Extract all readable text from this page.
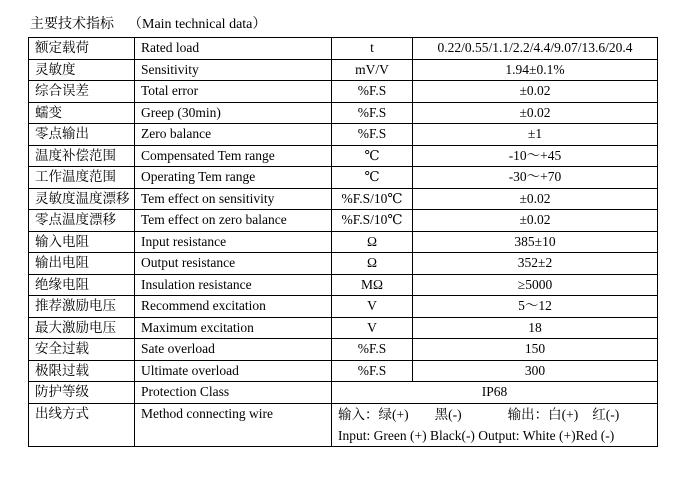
主要技术指标 （Main technical data）
额定载荷	Rated load	t	0.22/0.55/1.1/2.2/4.4/9.07/13.6/20.4
灵敏度	Sensitivity	mV/V	1.94±0.1%
综合误差	Total error	%F.S	±0.02
蠕变	Greep (30min)	%F.S	±0.02
零点输出	Zero balance	%F.S	±1
温度补偿范围	Compensated Tem range	℃	-10～+45
工作温度范围	Operating Tem range	℃	-30～+70
灵敏度温度漂移	Tem effect on sensitivity	%F.S/10℃	±0.02
零点温度漂移	Tem effect on zero balance	%F.S/10℃	±0.02
输入电阻	Input resistance	Ω	385±10
输出电阻	Output resistance	Ω	352±2
绝缘电阻	Insulation resistance	MΩ	≥5000
推荐激励电压	Recommend excitation	V	5～12
最大激励电压	Maximum excitation	V	18
安全过载	Sate overload	%F.S	150
极限过载	Ultimate overload	%F.S	300
防护等级	Protection Class	IP68	
出线方式	Method connecting wire	输入：绿(+) 黑(-) 输出：白(+) 红(-)
Input: Green (+) Black(-) Output: White (+)Red (-)	
